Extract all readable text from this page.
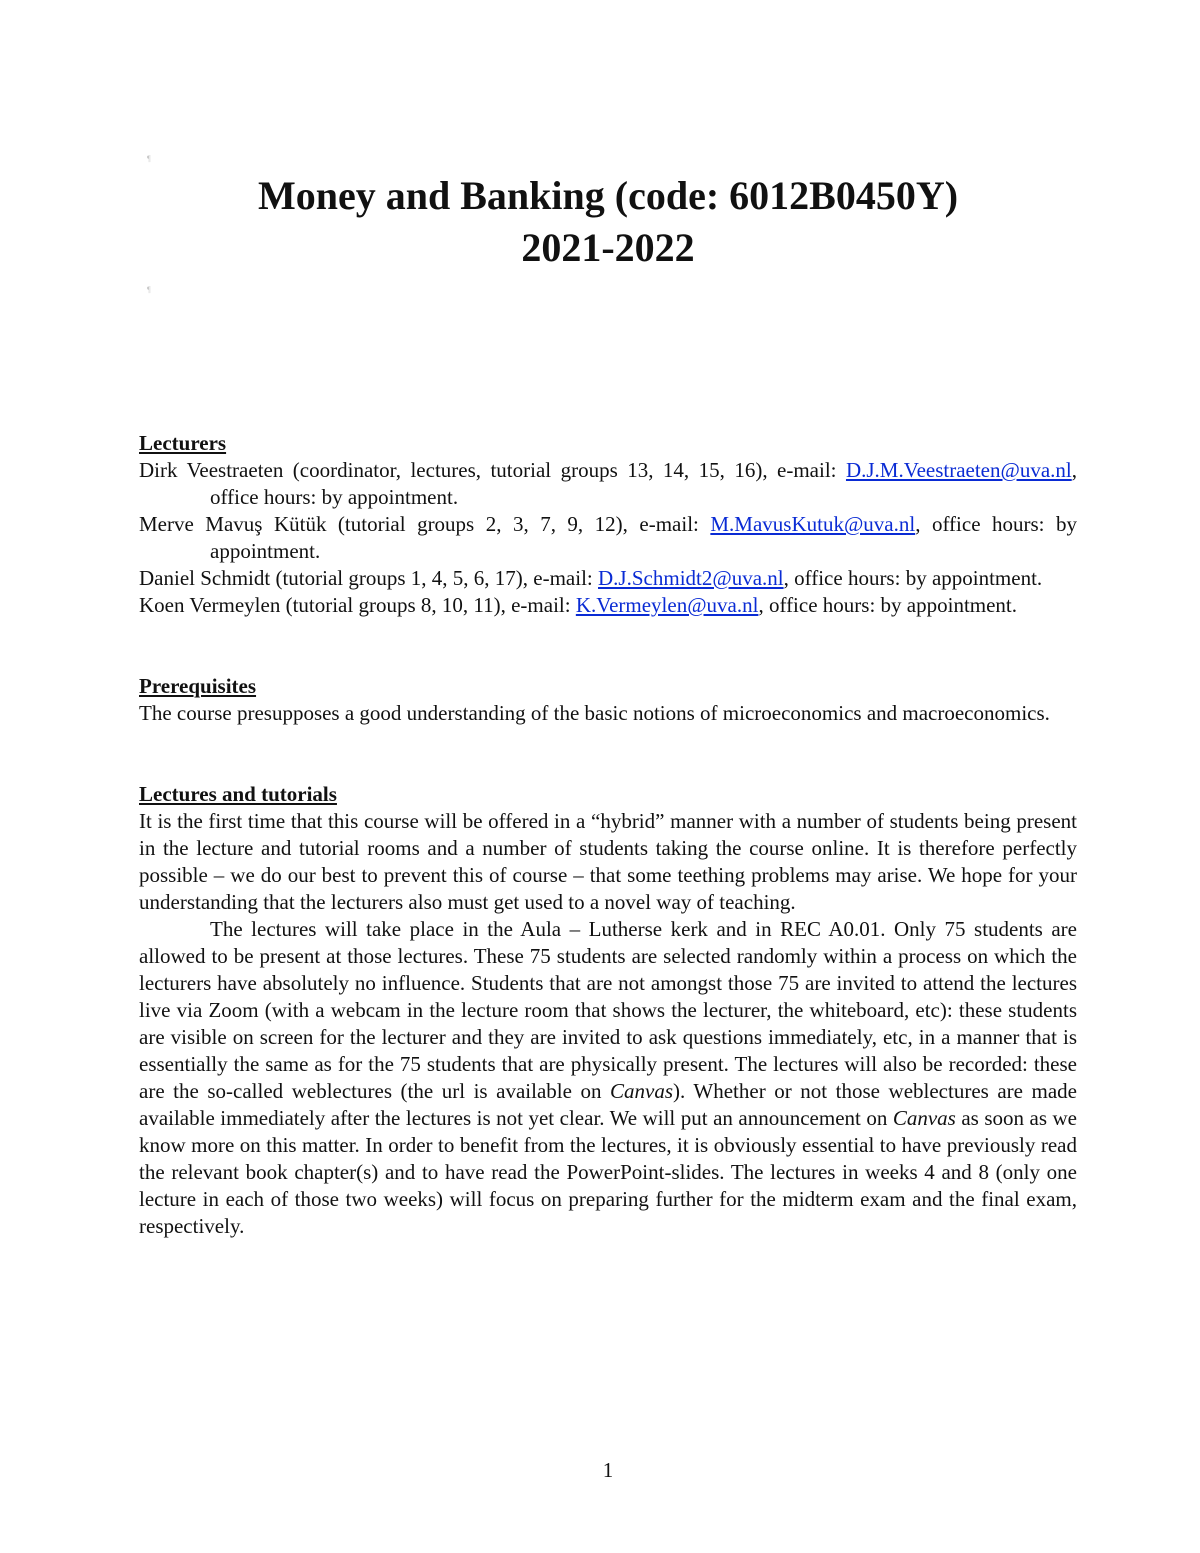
¶
Money and Banking (code: 6012B0450Y)
2021-2022
¶
Lecturers
Dirk Veestraeten (coordinator, lectures, tutorial groups 13, 14, 15, 16), e-mail: D.J.M.Veestraeten@uva.nl, office hours: by appointment.
Merve Mavuş Kütük (tutorial groups 2, 3, 7, 9, 12), e-mail: M.MavusKutuk@uva.nl, office hours: by appointment.
Daniel Schmidt (tutorial groups 1, 4, 5, 6, 17), e-mail: D.J.Schmidt2@uva.nl, office hours: by appointment.
Koen Vermeylen (tutorial groups 8, 10, 11), e-mail: K.Vermeylen@uva.nl, office hours: by appointment.
Prerequisites
The course presupposes a good understanding of the basic notions of microeconomics and macroeconomics.
Lectures and tutorials
It is the first time that this course will be offered in a “hybrid” manner with a number of students being present in the lecture and tutorial rooms and a number of students taking the course online. It is therefore perfectly possible – we do our best to prevent this of course – that some teething problems may arise. We hope for your understanding that the lecturers also must get used to a novel way of teaching.
The lectures will take place in the Aula – Lutherse kerk and in REC A0.01. Only 75 students are allowed to be present at those lectures. These 75 students are selected randomly within a process on which the lecturers have absolutely no influence. Students that are not amongst those 75 are invited to attend the lectures live via Zoom (with a webcam in the lecture room that shows the lecturer, the whiteboard, etc): these students are visible on screen for the lecturer and they are invited to ask questions immediately, etc, in a manner that is essentially the same as for the 75 students that are physically present. The lectures will also be recorded: these are the so-called weblectures (the url is available on Canvas). Whether or not those weblectures are made available immediately after the lectures is not yet clear. We will put an announcement on Canvas as soon as we know more on this matter. In order to benefit from the lectures, it is obviously essential to have previously read the relevant book chapter(s) and to have read the PowerPoint-slides. The lectures in weeks 4 and 8 (only one lecture in each of those two weeks) will focus on preparing further for the midterm exam and the final exam, respectively.
1
